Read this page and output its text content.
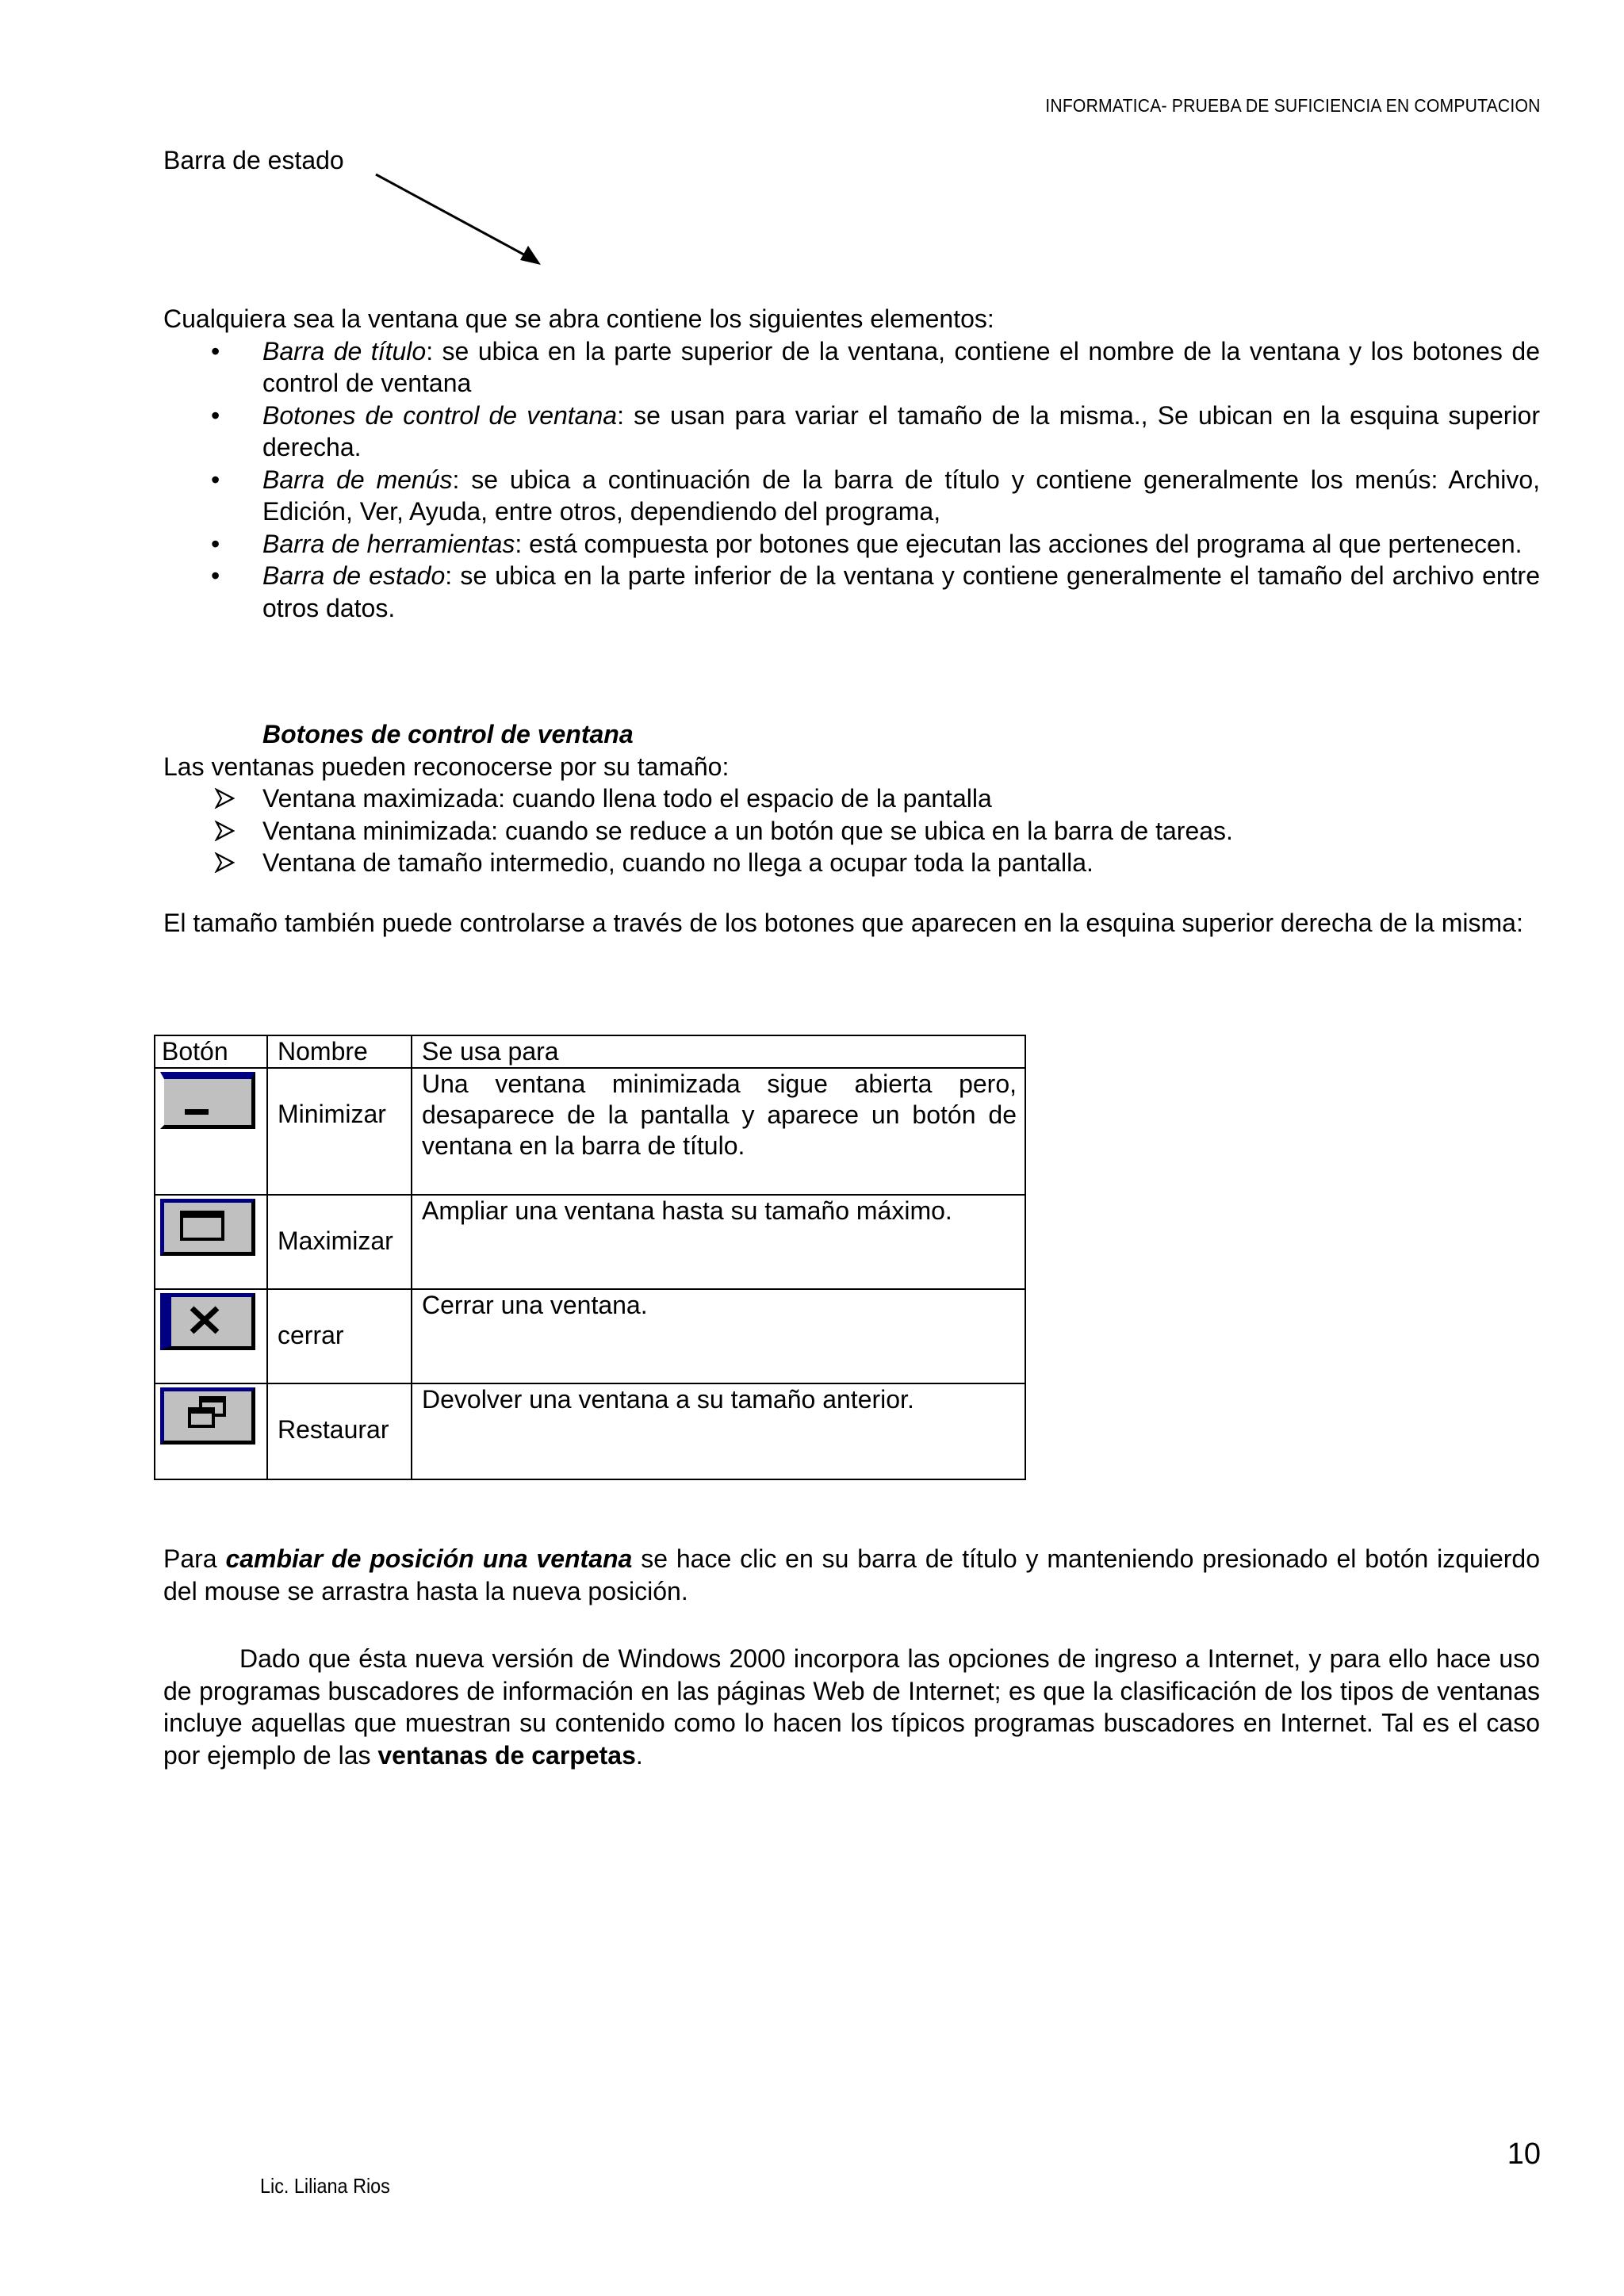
INFORMATICA- PRUEBA DE SUFICIENCIA EN COMPUTACION
Barra de estado
Cualquiera sea la ventana que se abra contiene los siguientes elementos:
• Barra de título: se ubica en la parte superior de la ventana, contiene el nombre de la ventana y los botones de control de ventana
• Botones de control de ventana: se usan para variar el tamaño de la misma., Se ubican en la esquina superior derecha.
• Barra de menús: se ubica a continuación de la barra de título y contiene generalmente los menús: Archivo, Edición, Ver, Ayuda, entre otros, dependiendo del programa,
• Barra de herramientas: está compuesta por botones que ejecutan las acciones del programa al que pertenecen.
• Barra de estado: se ubica en la parte inferior de la ventana y contiene generalmente el tamaño del archivo entre otros datos.
Botones de control de ventana
Las ventanas pueden reconocerse por su tamaño:
Ventana maximizada: cuando llena todo el espacio de la pantalla
Ventana minimizada: cuando se reduce a un botón que se ubica en la barra de tareas.
Ventana de tamaño intermedio, cuando no llega a ocupar toda la pantalla.
El tamaño también puede controlarse a través de los botones que aparecen en la esquina superior derecha de la misma:
Botón	Nombre	Se usa para

	Minimizar	Una ventana minimizada sigue abierta pero, desaparece de la pantalla y aparece un botón de ventana en la barra de título.

	Maximizar	Ampliar una ventana hasta su tamaño máximo.

	cerrar	Cerrar una ventana.

	Restaurar	Devolver una ventana a su tamaño anterior.
Para cambiar de posición una ventana se hace clic en su barra de título y manteniendo presionado el botón izquierdo del mouse se arrastra hasta la nueva posición.
Dado que ésta nueva versión de Windows 2000 incorpora las opciones de ingreso a Internet, y para ello hace uso de programas buscadores de información en las páginas Web de Internet; es que la clasificación de los tipos de ventanas incluye aquellas que muestran su contenido como lo hacen los típicos programas buscadores en Internet. Tal es el caso por ejemplo de las ventanas de carpetas.
10
Lic. Liliana Rios
